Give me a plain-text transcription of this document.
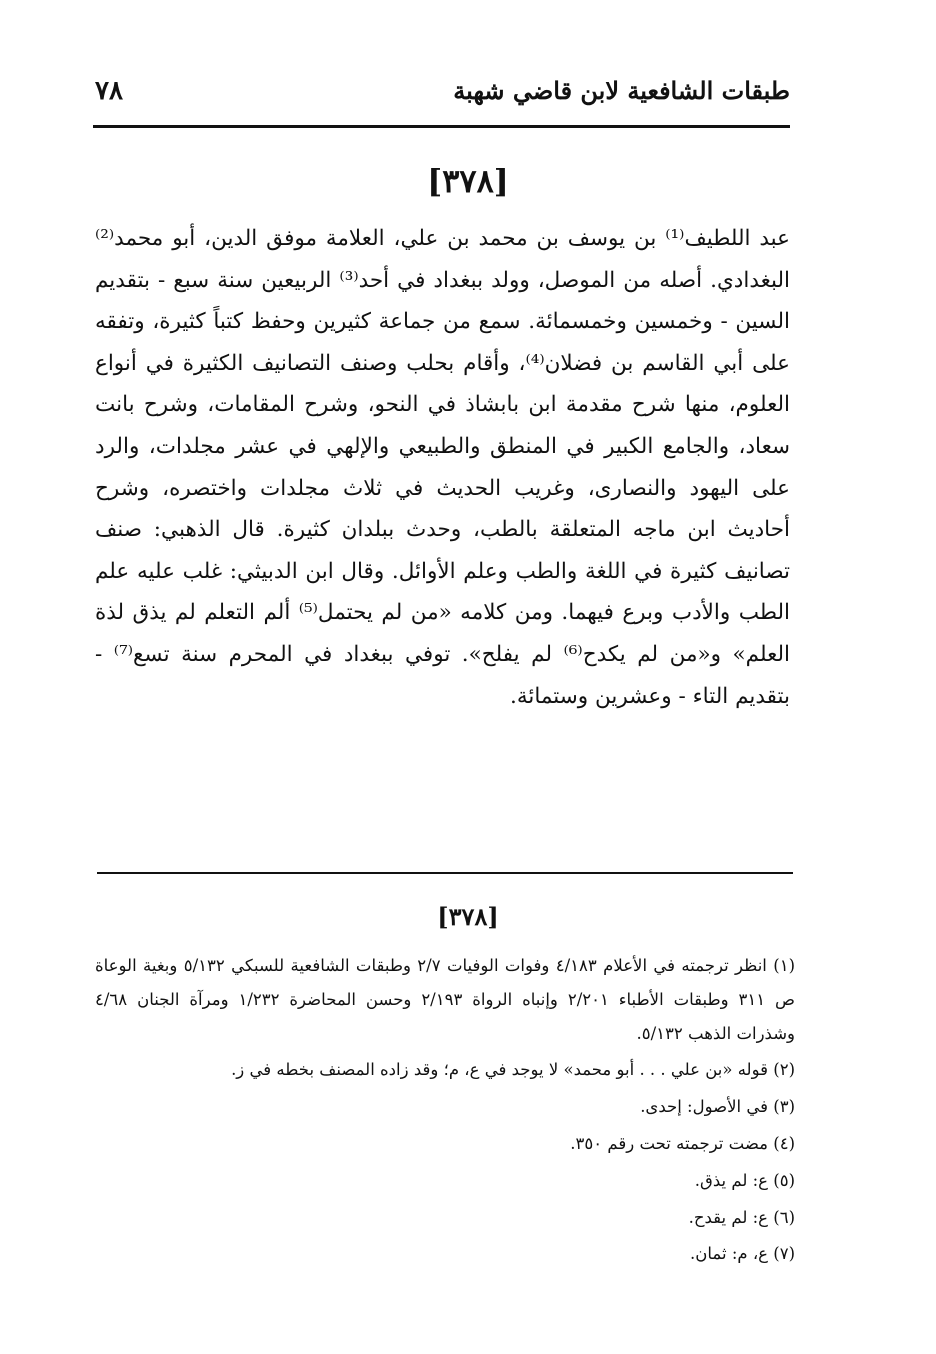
٧٨	طبقات الشافعية لابن قاضي شهبة
[٣٧٨]

عبد اللطيف⁽¹⁾ بن يوسف بن محمد بن علي، العلامة موفق الدين، أبو محمد⁽²⁾ البغدادي. أصله من الموصل، وولد ببغداد في أحد⁽³⁾ الربيعين سنة سبع - بتقديم السين - وخمسين وخمسمائة. سمع من جماعة كثيرين وحفظ كتباً كثيرة، وتفقه على أبي القاسم بن فضلان⁽⁴⁾، وأقام بحلب وصنف التصانيف الكثيرة في أنواع العلوم، منها شرح مقدمة ابن بابشاذ في النحو، وشرح المقامات، وشرح بانت سعاد، والجامع الكبير في المنطق والطبيعي والإلهي في عشر مجلدات، والرد على اليهود والنصارى، وغريب الحديث في ثلاث مجلدات واختصره، وشرح أحاديث ابن ماجه المتعلقة بالطب، وحدث ببلدان كثيرة. قال الذهبي: صنف تصانيف كثيرة في اللغة والطب وعلم الأوائل. وقال ابن الدبيثي: غلب عليه علم الطب والأدب وبرع فيهما. ومن كلامه «من لم يحتمل⁽⁵⁾ ألم التعلم لم يذق لذة العلم» و«من لم يكدح⁽⁶⁾ لم يفلح». توفي ببغداد في المحرم سنة تسع⁽⁷⁾ - بتقديم التاء - وعشرين وستمائة.

[٣٧٨]

(١) انظر ترجمته في الأعلام ٤/١٨٣ وفوات الوفيات ٢/٧ وطبقات الشافعية للسبكي ٥/١٣٢ وبغية الوعاة ص ٣١١ وطبقات الأطباء ٢/٢٠١ وإنباه الرواة ٢/١٩٣ وحسن المحاضرة ١/٢٣٢ ومرآة الجنان ٤/٦٨ وشذرات الذهب ٥/١٣٢.

(٢) قوله «بن علي . . . أبو محمد» لا يوجد في ع، م؛ وقد زاده المصنف بخطه في ز.

(٣) في الأصول: إحدى.

(٤) مضت ترجمته تحت رقم ٣٥٠.

(٥) ع: لم يذق.

(٦) ع: لم يقدح.

(٧) ع، م: ثمان.
